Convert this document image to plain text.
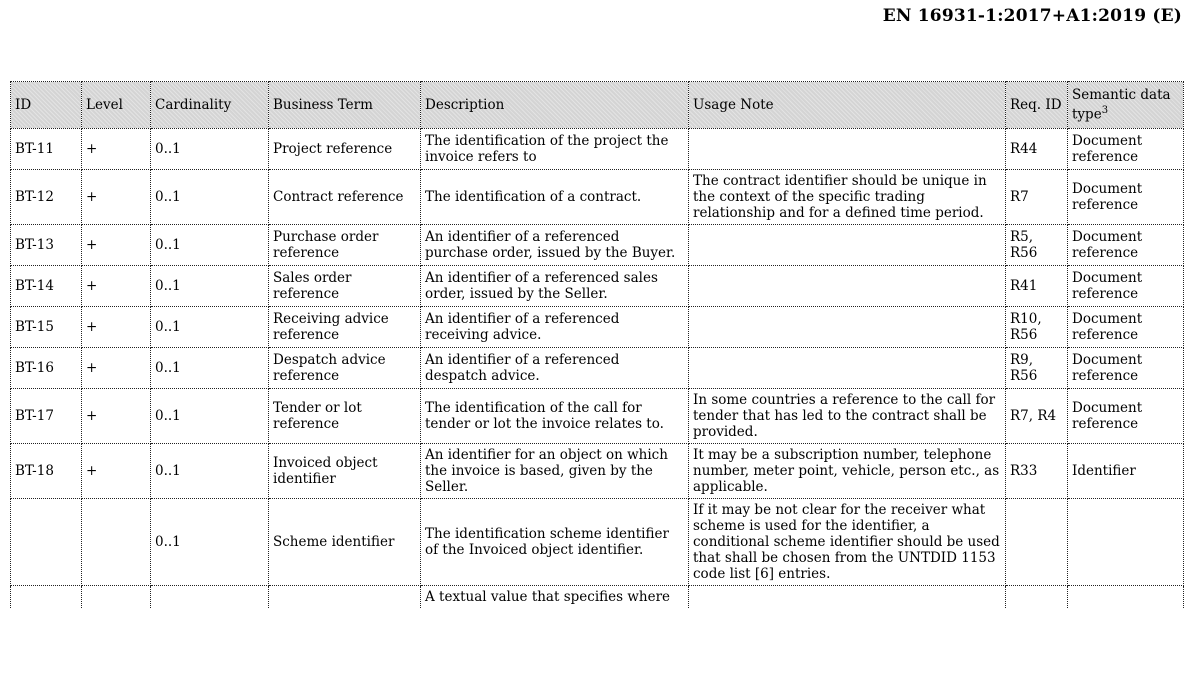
EN 16931-1:2017+A1:2019 (E)
ID	Level	Cardinality	Business Term	Description	Usage Note	Req. ID	Semantic data type$^3$
BT-11	+	0..1	Project reference	The identification of the project the invoice refers to		R44	Document reference
BT-12	+	0..1	Contract reference	The identification of a contract.	The contract identifier should be unique in the context of the specific trading relationship and for a defined time period.	R7	Document reference
BT-13	+	0..1	Purchase order reference	An identifier of a referenced purchase order, issued by the Buyer.		R5, R56	Document reference
BT-14	+	0..1	Sales order reference	An identifier of a referenced sales order, issued by the Seller.		R41	Document reference
BT-15	+	0..1	Receiving advice reference	An identifier of a referenced receiving advice.		R10, R56	Document reference
BT-16	+	0..1	Despatch advice reference	An identifier of a referenced despatch advice.		R9, R56	Document reference
BT-17	+	0..1	Tender or lot reference	The identification of the call for tender or lot the invoice relates to.	In some countries a reference to the call for tender that has led to the contract shall be provided.	R7, R4	Document reference
BT-18	+	0..1	Invoiced object identifier	An identifier for an object on which the invoice is based, given by the Seller.	It may be a subscription number, telephone number, meter point, vehicle, person etc., as applicable.	R33	Identifier
		0..1	Scheme identifier	The identification scheme identifier of the Invoiced object identifier.	If it may be not clear for the receiver what scheme is used for the identifier, a conditional scheme identifier should be used that shall be chosen from the UNTDID 1153 code list [6] entries.		

				A textual value that specifies where			
